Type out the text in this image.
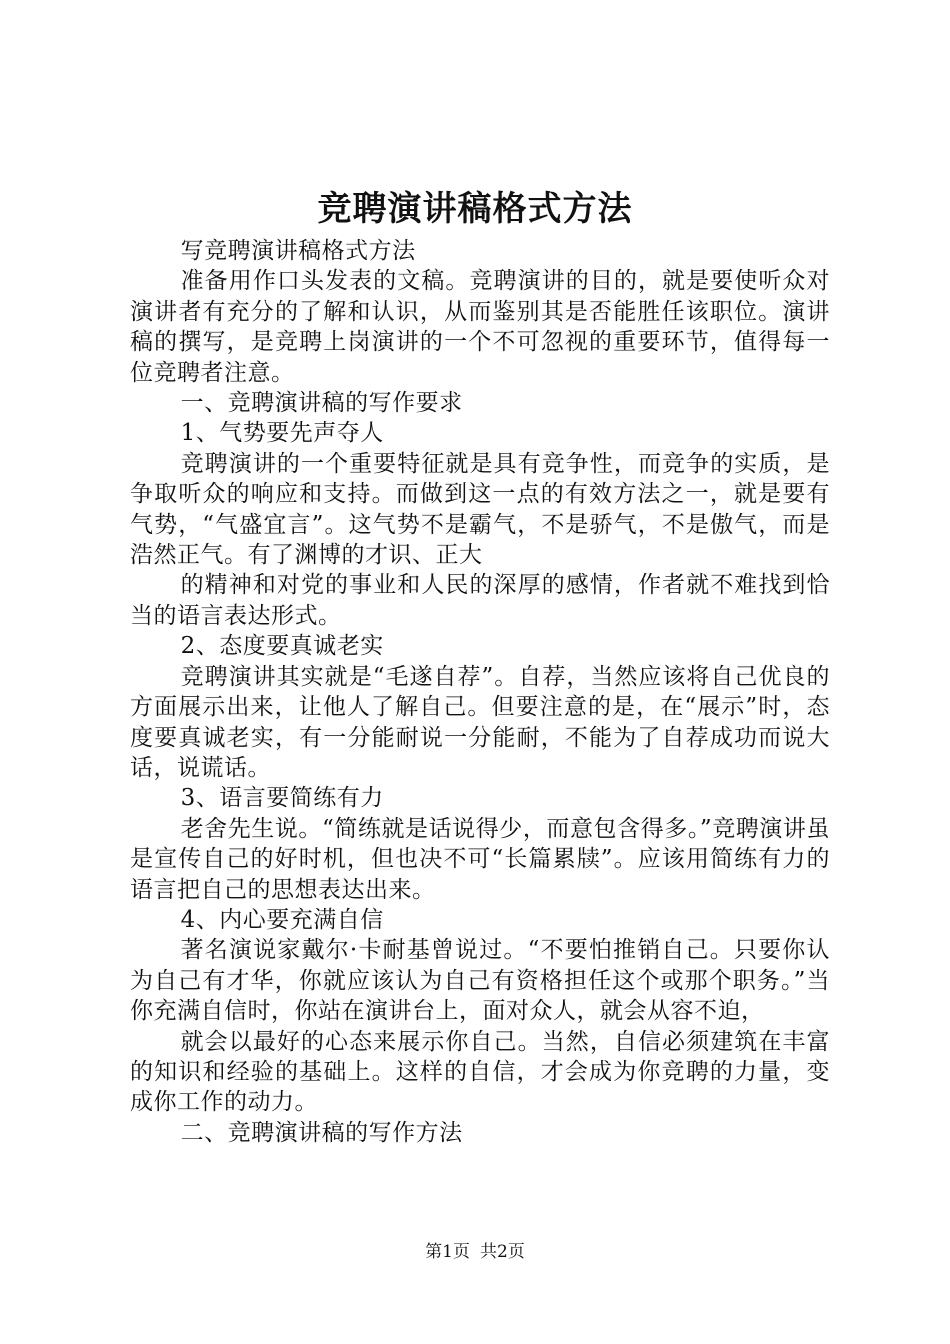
竞聘演讲稿格式方法

写竞聘演讲稿格式方法

准备用作口头发表的文稿。竞聘演讲的目的，就是要使听众对演讲者有充分的了解和认识，从而鉴别其是否能胜任该职位。演讲稿的撰写，是竞聘上岗演讲的一个不可忽视的重要环节，值得每一位竞聘者注意。

一、竞聘演讲稿的写作要求

1、气势要先声夺人

竞聘演讲的一个重要特征就是具有竞争性，而竞争的实质，是争取听众的响应和支持。而做到这一点的有效方法之一，就是要有气势，“气盛宜言”。这气势不是霸气，不是骄气，不是傲气，而是浩然正气。有了渊博的才识、正大

的精神和对党的事业和人民的深厚的感情，作者就不难找到恰当的语言表达形式。

2、态度要真诚老实

竞聘演讲其实就是“毛遂自荐”。自荐，当然应该将自己优良的方面展示出来，让他人了解自己。但要注意的是，在“展示”时，态度要真诚老实，有一分能耐说一分能耐，不能为了自荐成功而说大话，说谎话。

3、语言要简练有力

老舍先生说。“简练就是话说得少，而意包含得多。”竞聘演讲虽是宣传自己的好时机，但也决不可“长篇累牍”。应该用简练有力的语言把自己的思想表达出来。

4、内心要充满自信

著名演说家戴尔·卡耐基曾说过。“不要怕推销自己。只要你认为自己有才华，你就应该认为自己有资格担任这个或那个职务。”当你充满自信时，你站在演讲台上，面对众人，就会从容不迫，

就会以最好的心态来展示你自己。当然，自信必须建筑在丰富的知识和经验的基础上。这样的自信，才会成为你竞聘的力量，变成你工作的动力。

二、竞聘演讲稿的写作方法

第1页 共2页
